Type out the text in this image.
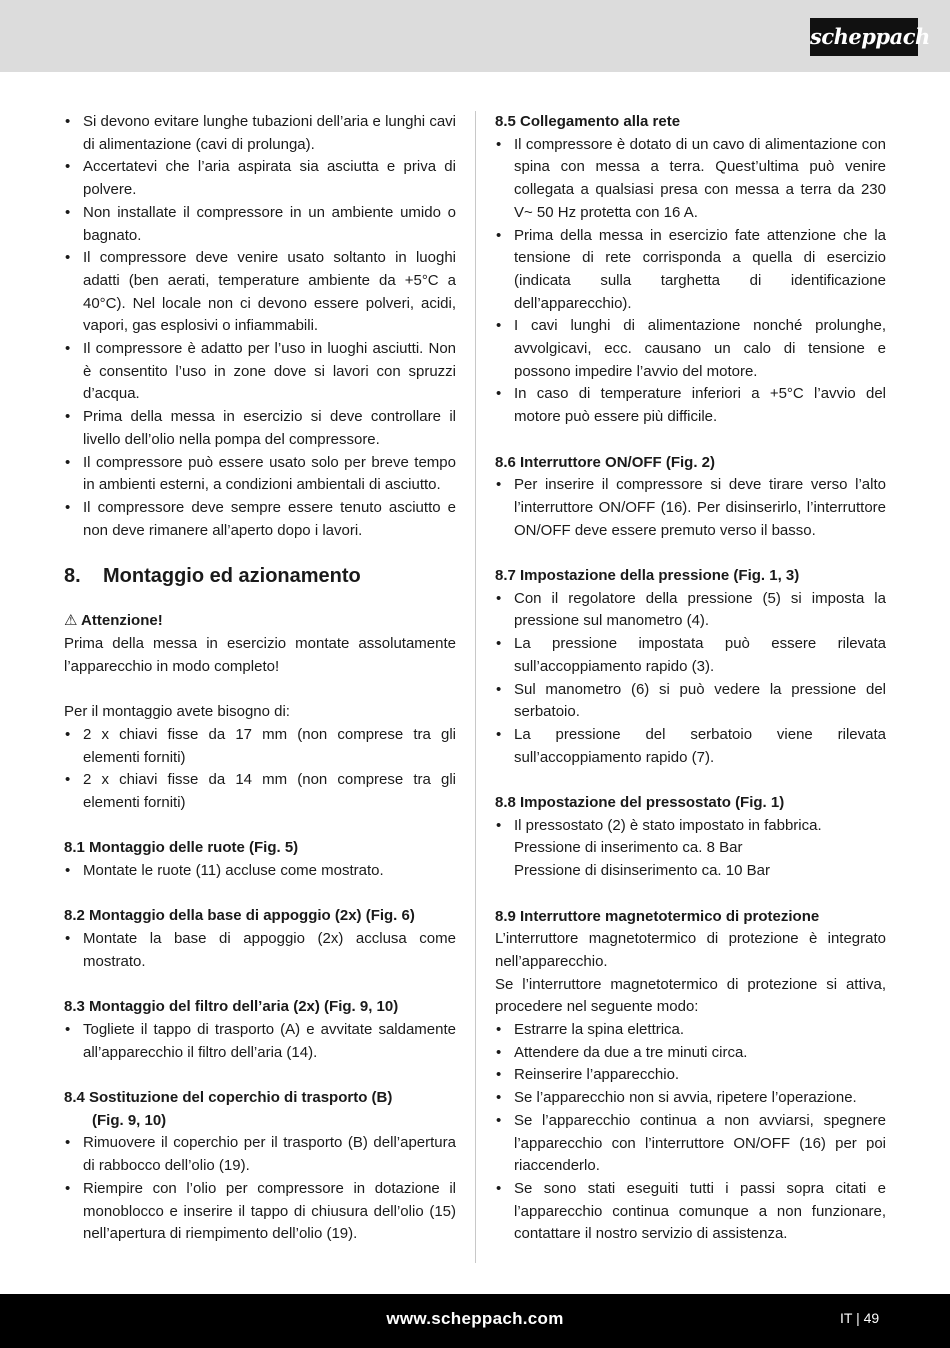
scheppach
• Si devono evitare lunghe tubazioni dell’aria e lunghi cavi di alimentazione (cavi di prolunga).
• Accertatevi che l’aria aspirata sia asciutta e priva di polvere.
• Non installate il compressore in un ambiente umido o bagnato.
• Il compressore deve venire usato soltanto in luoghi adatti (ben aerati, temperature ambiente da +5°C a 40°C). Nel locale non ci devono essere polveri, acidi, vapori, gas esplosivi o infiammabili.
• Il compressore è adatto per l’uso in luoghi asciutti. Non è consentito l’uso in zone dove si lavori con spruzzi d’acqua.
• Prima della messa in esercizio si deve controllare il livello dell’olio nella pompa del compressore.
• Il compressore può essere usato solo per breve tempo in ambienti esterni, a condizioni ambientali di asciutto.
• Il compressore deve sempre essere tenuto asciutto e non deve rimanere all’aperto dopo i lavori.
8.	Montaggio ed azionamento
⚠ Attenzione!
Prima della messa in esercizio montate assolutamente l’apparecchio in modo completo!
Per il montaggio avete bisogno di:
• 2 x chiavi fisse da 17 mm (non comprese tra gli elementi forniti)
• 2 x chiavi fisse da 14 mm (non comprese tra gli elementi forniti)
8.1 Montaggio delle ruote (Fig. 5)
• Montate le ruote (11) accluse come mostrato.
8.2 Montaggio della base di appoggio (2x) (Fig. 6)
• Montate la base di appoggio (2x) acclusa come mostrato.
8.3 Montaggio del filtro dell’aria (2x) (Fig. 9, 10)
• Togliete il tappo di trasporto (A) e avvitate saldamente all’apparecchio il filtro dell’aria (14).
8.4 Sostituzione del coperchio di trasporto (B)
(Fig. 9, 10)
• Rimuovere il coperchio per il trasporto (B) dell’apertura di rabbocco dell’olio (19).
• Riempire con l’olio per compressore in dotazione il monoblocco e inserire il tappo di chiusura dell’olio (15) nell’apertura di riempimento dell’olio (19).
8.5 Collegamento alla rete
• Il compressore è dotato di un cavo di alimentazione con spina con messa a terra. Quest’ultima può venire collegata a qualsiasi presa con messa a terra da 230 V~ 50 Hz protetta con 16 A.
• Prima della messa in esercizio fate attenzione che la tensione di rete corrisponda a quella di esercizio (indicata sulla targhetta di identificazione dell’apparecchio).
• I cavi lunghi di alimentazione nonché prolunghe, avvolgicavi, ecc. causano un calo di tensione e possono impedire l’avvio del motore.
• In caso di temperature inferiori a +5°C l’avvio del motore può essere più difficile.
8.6 Interruttore ON/OFF (Fig. 2)
• Per inserire il compressore si deve tirare verso l’alto l’interruttore ON/OFF (16). Per disinserirlo, l’interruttore ON/OFF deve essere premuto verso il basso.
8.7 Impostazione della pressione (Fig. 1, 3)
• Con il regolatore della pressione (5) si imposta la pressione sul manometro (4).
• La pressione impostata può essere rilevata sull’accoppiamento rapido (3).
• Sul manometro (6) si può vedere la pressione del serbatoio.
• La pressione del serbatoio viene rilevata sull’accoppiamento rapido (7).
8.8 Impostazione del pressostato (Fig. 1)
• Il pressostato (2) è stato impostato in fabbrica.
Pressione di inserimento ca. 8 Bar
Pressione di disinserimento ca. 10 Bar
8.9 Interruttore magnetotermico di protezione
L’interruttore magnetotermico di protezione è integrato nell’apparecchio.
Se l’interruttore magnetotermico di protezione si attiva, procedere nel seguente modo:
• Estrarre la spina elettrica.
• Attendere da due a tre minuti circa.
• Reinserire l’apparecchio.
• Se l’apparecchio non si avvia, ripetere l’operazione.
• Se l’apparecchio continua a non avviarsi, spegnere l’apparecchio con l’interruttore ON/OFF (16) per poi riaccenderlo.
• Se sono stati eseguiti tutti i passi sopra citati e l’apparecchio continua comunque a non funzionare, contattare il nostro servizio di assistenza.
www.scheppach.com	IT | 49
